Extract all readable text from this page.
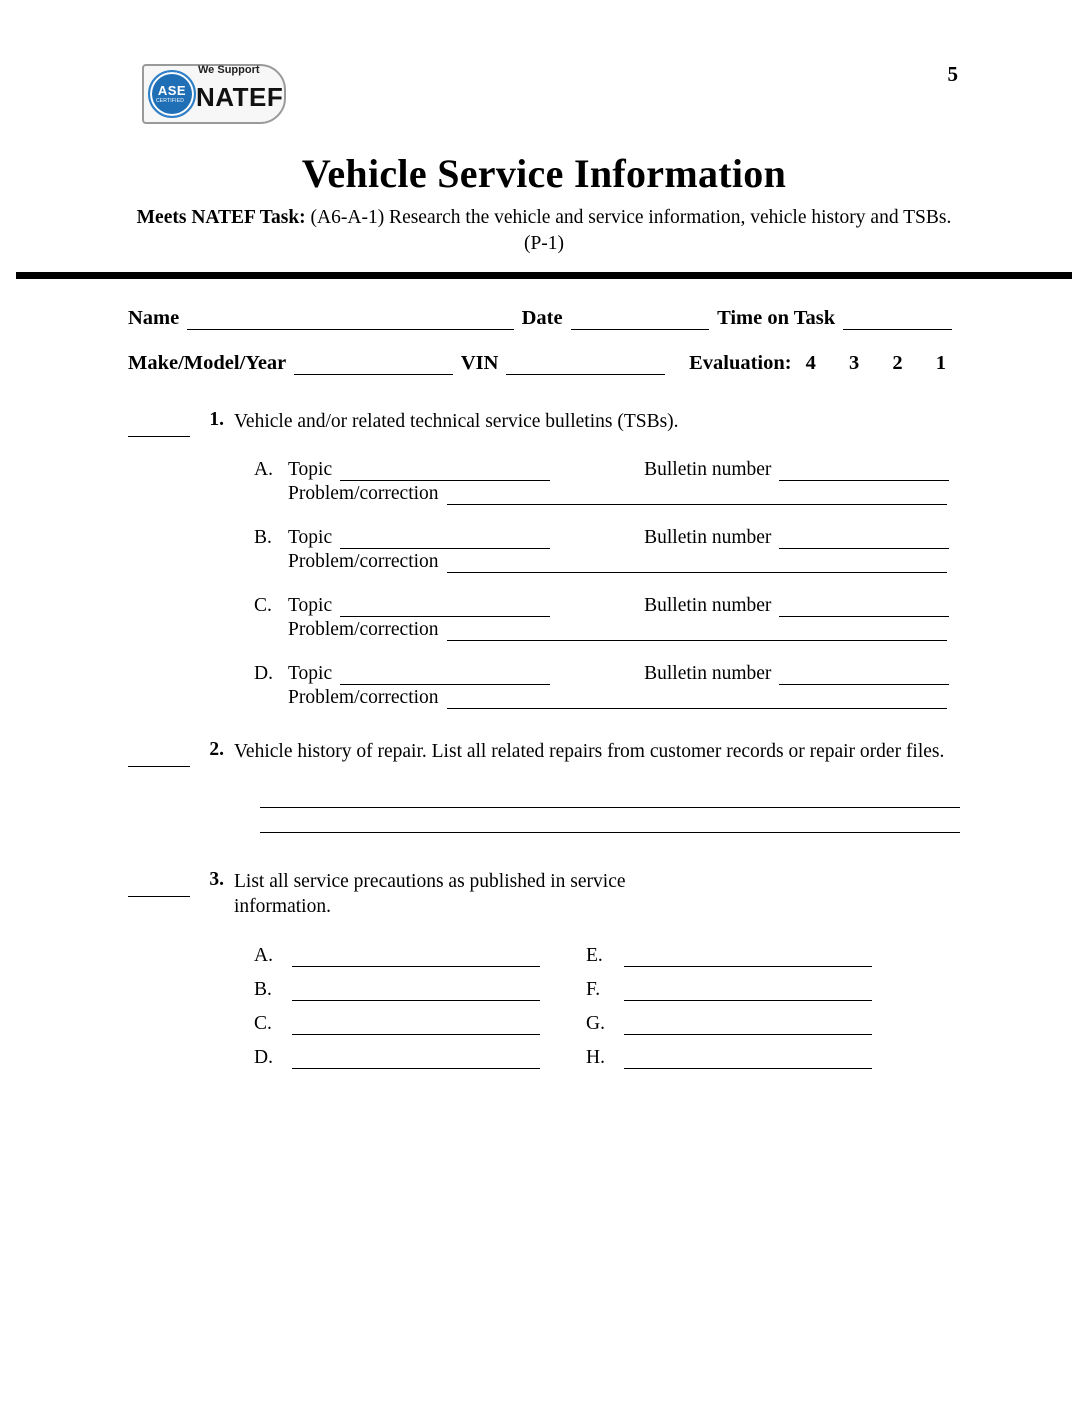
ASE
CERTIFIED
We Support
NATEF
5
Vehicle Service Information
Meets NATEF Task: (A6-A-1) Research the vehicle and service information, vehicle history and TSBs. (P-1)
Name	Date	Time on Task
Make/Model/Year	VIN	Evaluation: 4 3 2 1
1. Vehicle and/or related technical service bulletins (TSBs).
A. Topic	Bulletin number
Problem/correction
B. Topic	Bulletin number
Problem/correction
C. Topic	Bulletin number
Problem/correction
D. Topic	Bulletin number
Problem/correction
2. Vehicle history of repair. List all related repairs from customer records or repair order files.
3. List all service precautions as published in service information.
A.	E.
B.	F.
C.	G.
D.	H.
